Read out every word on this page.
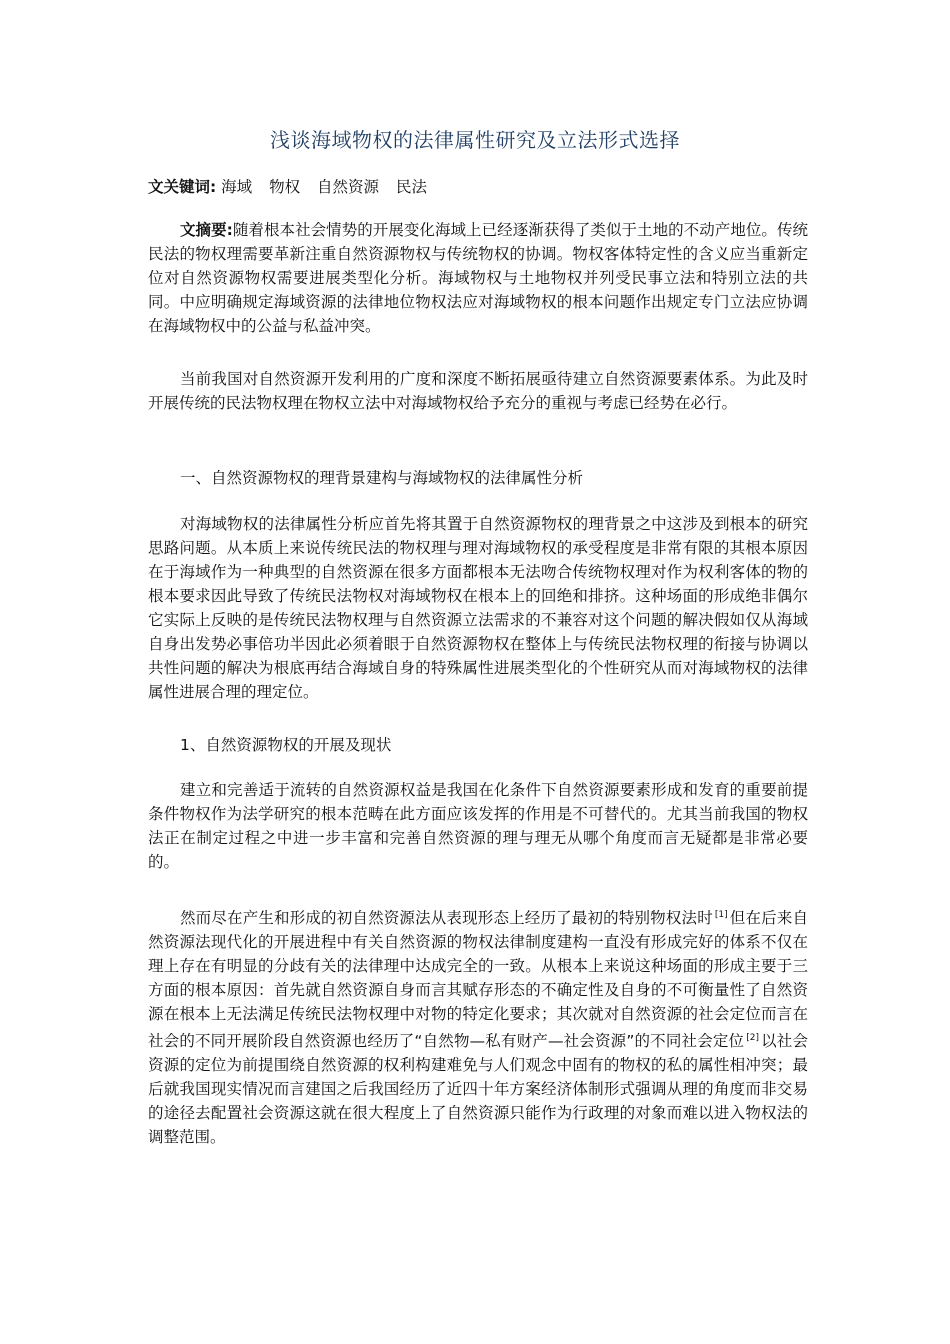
浅谈海域物权的法律属性研究及立法形式选择
文关键词: 海域 物权 自然资源 民法

文摘要:随着根本社会情势的开展变化海域上已经逐渐获得了类似于土地的不动产地位。传统民法的物权理需要革新注重自然资源物权与传统物权的协调。物权客体特定性的含义应当重新定位对自然资源物权需要进展类型化分析。海域物权与土地物权并列受民事立法和特别立法的共同。中应明确规定海域资源的法律地位物权法应对海域物权的根本问题作出规定专门立法应协调在海域物权中的公益与私益冲突。

当前我国对自然资源开发利用的广度和深度不断拓展亟待建立自然资源要素体系。为此及时开展传统的民法物权理在物权立法中对海域物权给予充分的重视与考虑已经势在必行。

一、自然资源物权的理背景建构与海域物权的法律属性分析

对海域物权的法律属性分析应首先将其置于自然资源物权的理背景之中这涉及到根本的研究思路问题。从本质上来说传统民法的物权理与理对海域物权的承受程度是非常有限的其根本原因在于海域作为一种典型的自然资源在很多方面都根本无法吻合传统物权理对作为权利客体的物的根本要求因此导致了传统民法物权对海域物权在根本上的回绝和排挤。这种场面的形成绝非偶尔它实际上反映的是传统民法物权理与自然资源立法需求的不兼容对这个问题的解决假如仅从海域自身出发势必事倍功半因此必须着眼于自然资源物权在整体上与传统民法物权理的衔接与协调以共性问题的解决为根底再结合海域自身的特殊属性进展类型化的个性研究从而对海域物权的法律属性进展合理的理定位。

1、自然资源物权的开展及现状

建立和完善适于流转的自然资源权益是我国在化条件下自然资源要素形成和发育的重要前提条件物权作为法学研究的根本范畴在此方面应该发挥的作用是不可替代的。尤其当前我国的物权法正在制定过程之中进一步丰富和完善自然资源的理与理无从哪个角度而言无疑都是非常必要的。

然而尽在产生和形成的初自然资源法从表现形态上经历了最初的特别物权法时 [1] 但在后来自然资源法现代化的开展进程中有关自然资源的物权法律制度建构一直没有形成完好的体系不仅在理上存在有明显的分歧有关的法律理中达成完全的一致。从根本上来说这种场面的形成主要于三方面的根本原因：首先就自然资源自身而言其赋存形态的不确定性及自身的不可衡量性了自然资源在根本上无法满足传统民法物权理中对物的特定化要求；其次就对自然资源的社会定位而言在社会的不同开展阶段自然资源也经历了“自然物—私有财产—社会资源”的不同社会定位 [2] 以社会资源的定位为前提围绕自然资源的权利构建难免与人们观念中固有的物权的私的属性相冲突；最后就我国现实情况而言建国之后我国经历了近四十年方案经济体制形式强调从理的角度而非交易的途径去配置社会资源这就在很大程度上了自然资源只能作为行政理的对象而难以进入物权法的调整范围。
